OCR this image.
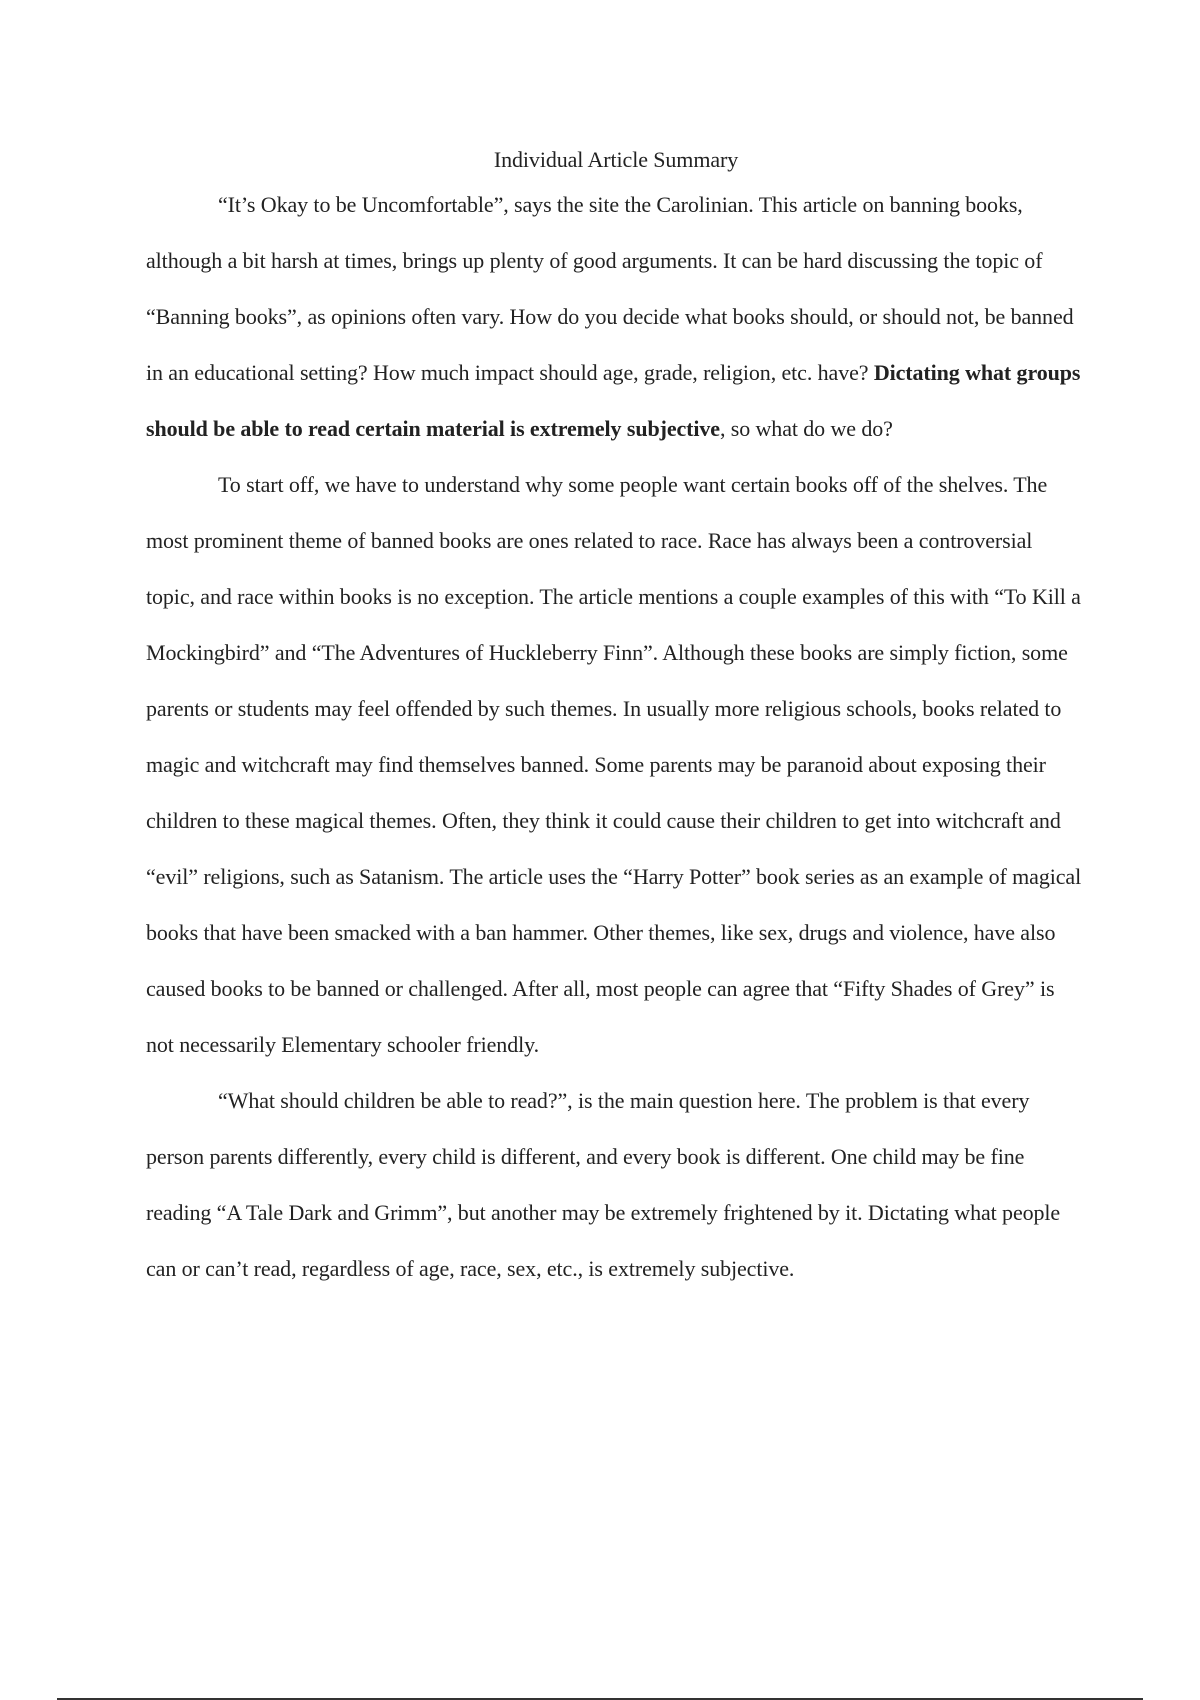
Individual Article Summary

“It’s Okay to be Uncomfortable”, says the site the Carolinian. This article on banning books, although a bit harsh at times, brings up plenty of good arguments. It can be hard discussing the topic of “Banning books”, as opinions often vary. How do you decide what books should, or should not, be banned in an educational setting? How much impact should age, grade, religion, etc. have? Dictating what groups should be able to read certain material is extremely subjective, so what do we do?

To start off, we have to understand why some people want certain books off of the shelves. The most prominent theme of banned books are ones related to race. Race has always been a controversial topic, and race within books is no exception. The article mentions a couple examples of this with “To Kill a Mockingbird” and “The Adventures of Huckleberry Finn”. Although these books are simply fiction, some parents or students may feel offended by such themes. In usually more religious schools, books related to magic and witchcraft may find themselves banned. Some parents may be paranoid about exposing their children to these magical themes. Often, they think it could cause their children to get into witchcraft and “evil” religions, such as Satanism. The article uses the “Harry Potter” book series as an example of magical books that have been smacked with a ban hammer. Other themes, like sex, drugs and violence, have also caused books to be banned or challenged. After all, most people can agree that “Fifty Shades of Grey” is not necessarily Elementary schooler friendly.

“What should children be able to read?”, is the main question here. The problem is that every person parents differently, every child is different, and every book is different. One child may be fine reading “A Tale Dark and Grimm”, but another may be extremely frightened by it. Dictating what people can or can’t read, regardless of age, race, sex, etc., is extremely subjective.
